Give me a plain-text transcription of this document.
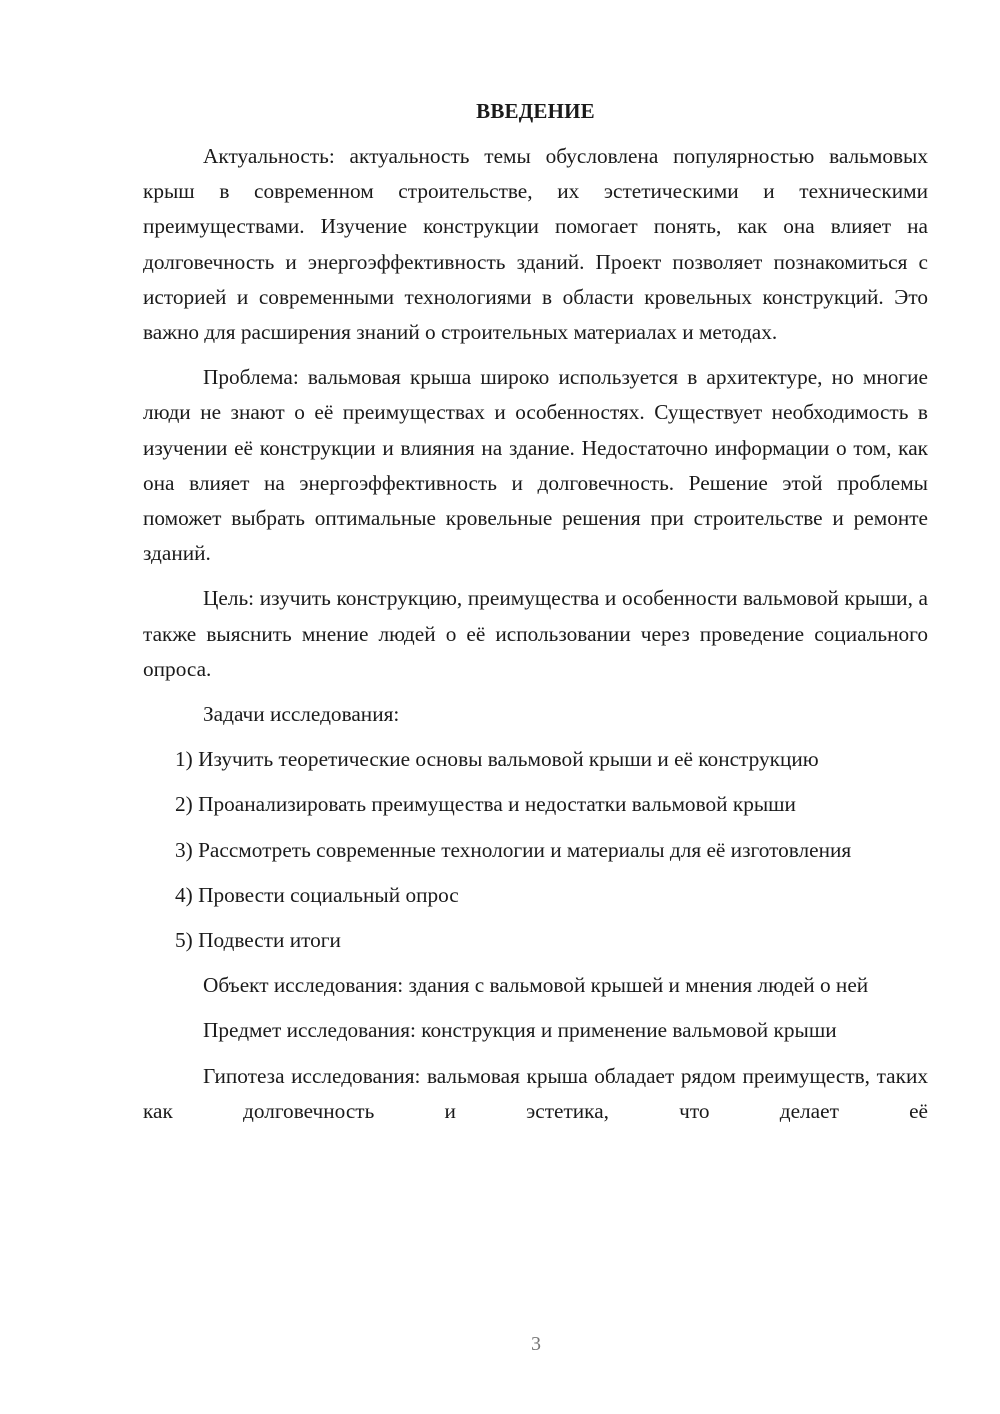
ВВЕДЕНИЕ

Актуальность: актуальность темы обусловлена популярностью вальмовых крыш в современном строительстве, их эстетическими и техническими преимуществами. Изучение конструкции помогает понять, как она влияет на долговечность и энергоэффективность зданий. Проект позволяет познакомиться с историей и современными технологиями в области кровельных конструкций. Это важно для расширения знаний о строительных материалах и методах.

Проблема: вальмовая крыша широко используется в архитектуре, но многие люди не знают о её преимуществах и особенностях. Существует необходимость в изучении её конструкции и влияния на здание. Недостаточно информации о том, как она влияет на энергоэффективность и долговечность. Решение этой проблемы поможет выбрать оптимальные кровельные решения при строительстве и ремонте зданий.

Цель: изучить конструкцию, преимущества и особенности вальмовой крыши, а также выяснить мнение людей о её использовании через проведение социального опроса.

Задачи исследования:

1) Изучить теоретические основы вальмовой крыши и её конструкцию

2) Проанализировать преимущества и недостатки вальмовой крыши

3) Рассмотреть современные технологии и материалы для её изготовления

4) Провести социальный опрос

5) Подвести итоги

Объект исследования: здания с вальмовой крышей и мнения людей о ней

Предмет исследования: конструкция и применение вальмовой крыши

Гипотеза исследования: вальмовая крыша обладает рядом преимуществ, таких как долговечность и эстетика, что делает её

3
